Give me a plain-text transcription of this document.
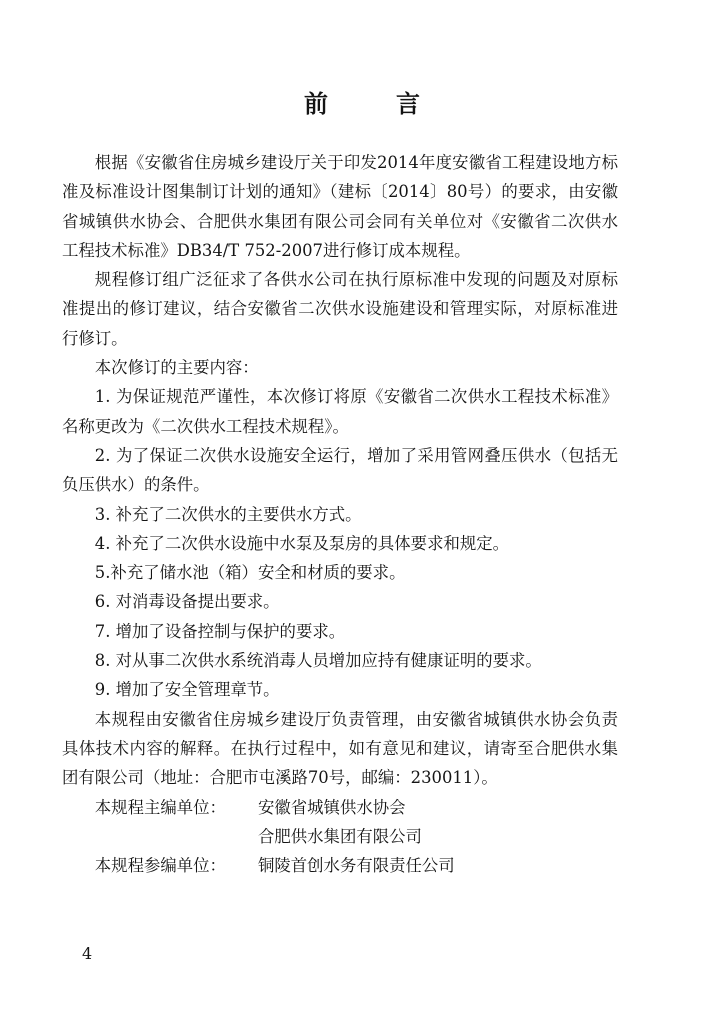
前　言

根据《安徽省住房城乡建设厅关于印发2014年度安徽省工程建设地方标准及标准设计图集制订计划的通知》（建标〔2014〕80号）的要求，由安徽省城镇供水协会、合肥供水集团有限公司会同有关单位对《安徽省二次供水工程技术标准》DB34/T 752-2007进行修订成本规程。

规程修订组广泛征求了各供水公司在执行原标准中发现的问题及对原标准提出的修订建议，结合安徽省二次供水设施建设和管理实际，对原标准进行修订。

本次修订的主要内容：

1. 为保证规范严谨性，本次修订将原《安徽省二次供水工程技术标准》名称更改为《二次供水工程技术规程》。
2. 为了保证二次供水设施安全运行，增加了采用管网叠压供水（包括无负压供水）的条件。
3. 补充了二次供水的主要供水方式。
4. 补充了二次供水设施中水泵及泵房的具体要求和规定。
5.补充了储水池（箱）安全和材质的要求。
6. 对消毒设备提出要求。
7. 增加了设备控制与保护的要求。
8. 对从事二次供水系统消毒人员增加应持有健康证明的要求。
9. 增加了安全管理章节。

本规程由安徽省住房城乡建设厅负责管理，由安徽省城镇供水协会负责具体技术内容的解释。在执行过程中，如有意见和建议，请寄至合肥供水集团有限公司（地址：合肥市屯溪路70号，邮编：230011）。

本规程主编单位：	安徽省城镇供水协会
合肥供水集团有限公司
本规程参编单位：	铜陵首创水务有限责任公司
4
